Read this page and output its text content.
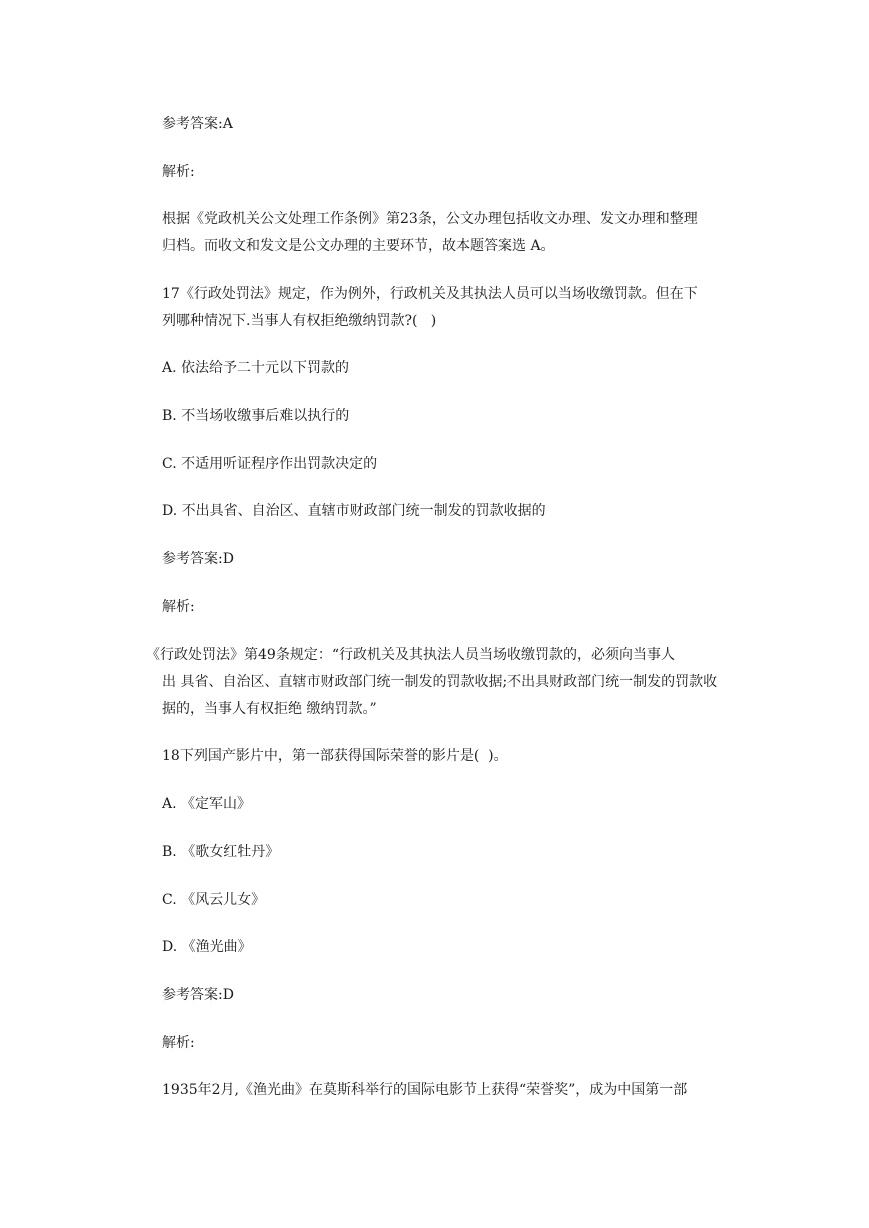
参考答案:A
解析:
根据《党政机关公文处理工作条例》第23条，公文办理包括收文办理、发文办理和整理
归档。而收文和发文是公文办理的主要环节，故本题答案选 A。
17《行政处罚法》规定，作为例外，行政机关及其执法人员可以当场收缴罚款。但在下
列哪种情况下.当事人有权拒绝缴纳罚款?(   )
A. 依法给予二十元以下罚款的
B. 不当场收缴事后难以执行的
C. 不适用听证程序作出罚款决定的
D. 不出具省、自治区、直辖市财政部门统一制发的罚款收据的
参考答案:D
解析:
《行政处罚法》第49条规定：“行政机关及其执法人员当场收缴罚款的，必须向当事人
出 具省、自治区、直辖市财政部门统一制发的罚款收据;不出具财政部门统一制发的罚款收
据的，当事人有权拒绝 缴纳罚款。”
18下列国产影片中，第一部获得国际荣誉的影片是(  )。
A. 《定军山》
B. 《歌女红牡丹》
C. 《风云儿女》
D. 《渔光曲》
参考答案:D
解析:
1935年2月,《渔光曲》在莫斯科举行的国际电影节上获得“荣誉奖”，成为中国第一部
